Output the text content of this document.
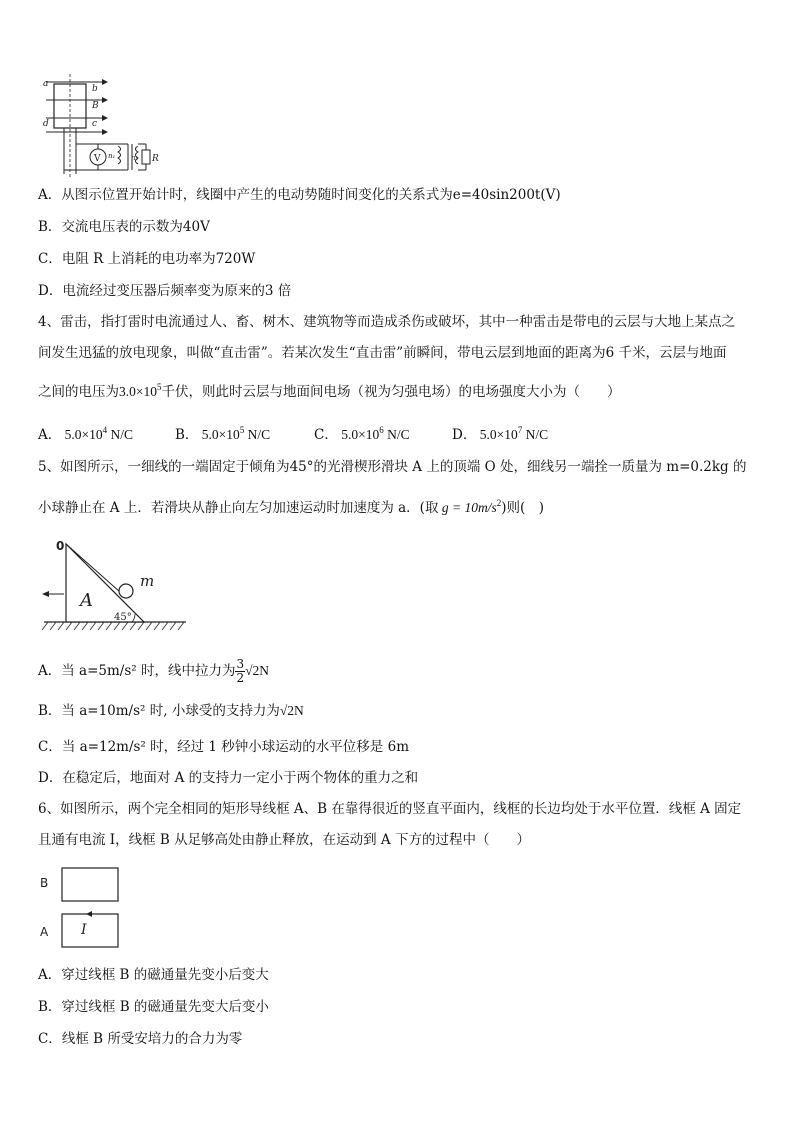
a	b
B
d	c
V n₁ n₂ R
A．从图示位置开始计时，线圈中产生的电动势随时间变化的关系式为e=40sin200t(V)
B．交流电压表的示数为40V
C．电阻 R 上消耗的电功率为720W
D．电流经过变压器后频率变为原来的3 倍
4、雷击，指打雷时电流通过人、畜、树木、建筑物等而造成杀伤或破坏，其中一种雷击是带电的云层与大地上某点之
间发生迅猛的放电现象，叫做“直击雷”。若某次发生“直击雷”前瞬间，带电云层到地面的距离为6 千米，云层与地面
之间的电压为$3.0\times 10^5$千伏，则此时云层与地面间电场（视为匀强电场）的电场强度大小为（　　）
A． $5.0\times 10^4$ N/C	B． $5.0\times 10^5$ N/C	C． $5.0\times 10^6$ N/C	D． $5.0\times 10^7$ N/C
5、如图所示，一细线的一端固定于倾角为45°的光滑楔形滑块 A 上的顶端 O 处，细线另一端拴一质量为 m=0.2kg 的
小球静止在 A 上．若滑块从静止向左匀加速运动时加速度为 a．(取 $g = 10m/s^2$)则(　)
0
m
A
45°
A．当 a=5m/s² 时，线中拉力为 $\frac{3}{2} √2N$
B．当 a=10m/s² 时, 小球受的支持力为√2N
C．当 a=12m/s² 时，经过 1 秒钟小球运动的水平位移是 6m
D．在稳定后，地面对 A 的支持力一定小于两个物体的重力之和
6、如图所示，两个完全相同的矩形导线框 A、B 在靠得很近的竖直平面内，线框的长边均处于水平位置．线框 A 固定
且通有电流 I，线框 B 从足够高处由静止释放，在运动到 A 下方的过程中（　　）
B
A I
A．穿过线框 B 的磁通量先变小后变大
B．穿过线框 B 的磁通量先变大后变小
C．线框 B 所受安培力的合力为零
